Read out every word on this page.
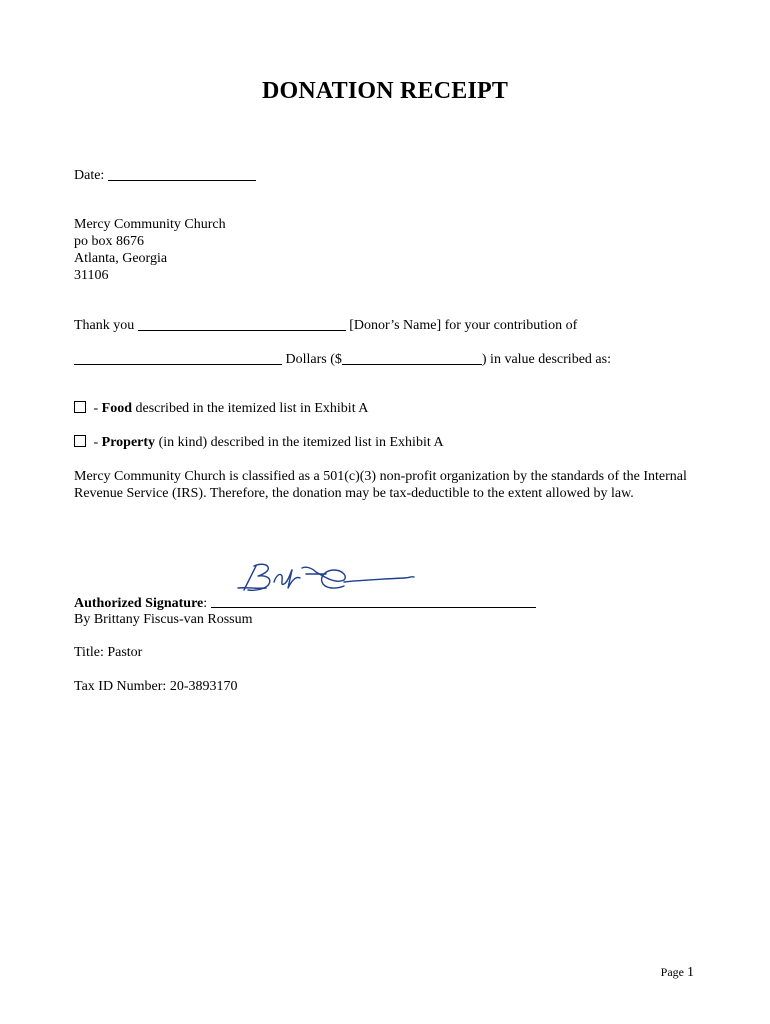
DONATION RECEIPT
Date:
Mercy Community Church
po box 8676
Atlanta, Georgia
31106
Thank you	[Donor’s Name] for your contribution of
Dollars ($	) in value described as:
- Food described in the itemized list in Exhibit A
- Property (in kind) described in the itemized list in Exhibit A
Mercy Community Church is classified as a 501(c)(3) non-profit organization by the standards of the Internal Revenue Service (IRS). Therefore, the donation may be tax-deductible to the extent allowed by law.
Authorized Signature:
By Brittany Fiscus-van Rossum
Title: Pastor
Tax ID Number: 20-3893170
Page 1
